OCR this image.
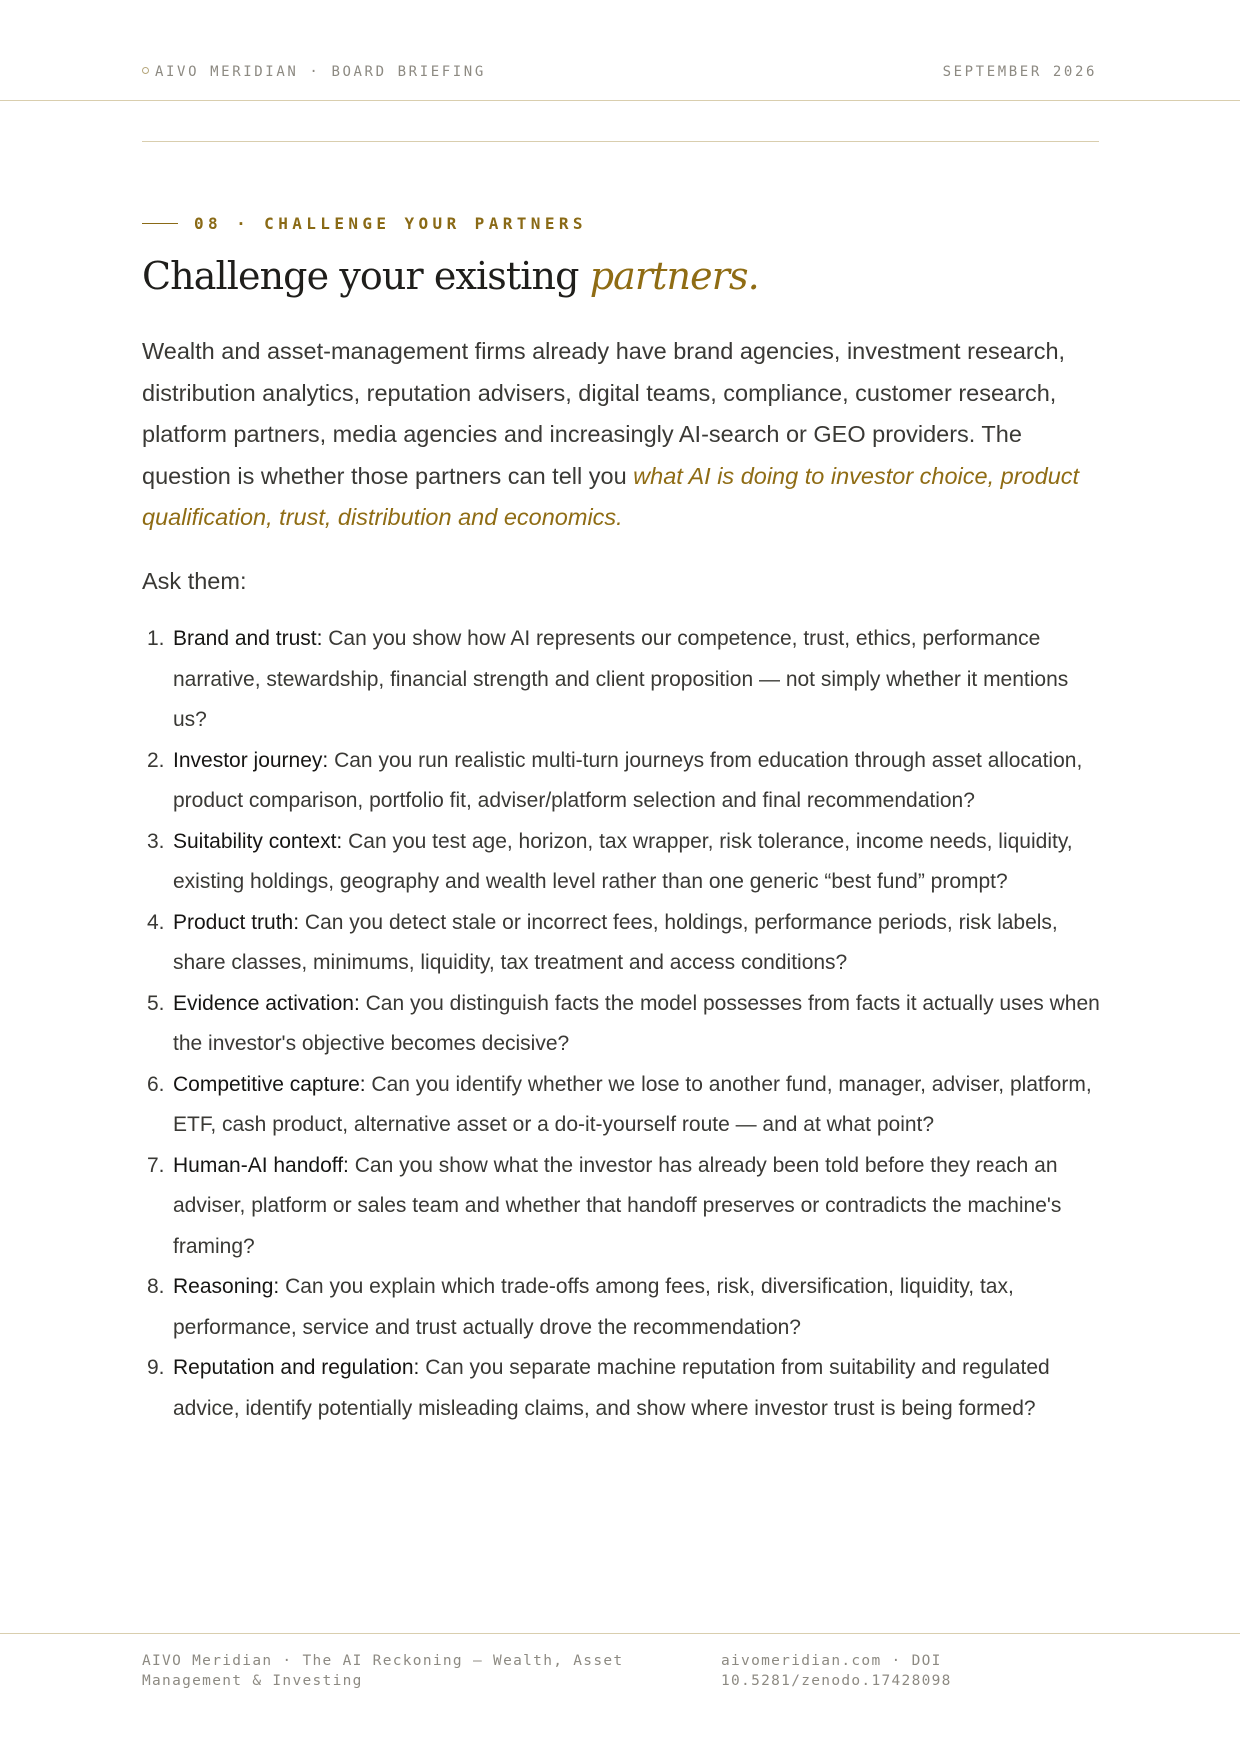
AIVO MERIDIAN · BOARD BRIEFING	SEPTEMBER 2026
08 · CHALLENGE YOUR PARTNERS
Challenge your existing partners.

Wealth and asset-management firms already have brand agencies, investment research, distribution analytics, reputation advisers, digital teams, compliance, customer research, platform partners, media agencies and increasingly AI-search or GEO providers. The question is whether those partners can tell you what AI is doing to investor choice, product qualification, trust, distribution and economics.

Ask them:

1. Brand and trust: Can you show how AI represents our competence, trust, ethics, performance narrative, stewardship, financial strength and client proposition — not simply whether it mentions us?
2. Investor journey: Can you run realistic multi-turn journeys from education through asset allocation, product comparison, portfolio fit, adviser/platform selection and final recommendation?
3. Suitability context: Can you test age, horizon, tax wrapper, risk tolerance, income needs, liquidity, existing holdings, geography and wealth level rather than one generic “best fund” prompt?
4. Product truth: Can you detect stale or incorrect fees, holdings, performance periods, risk labels, share classes, minimums, liquidity, tax treatment and access conditions?
5. Evidence activation: Can you distinguish facts the model possesses from facts it actually uses when the investor's objective becomes decisive?
6. Competitive capture: Can you identify whether we lose to another fund, manager, adviser, platform, ETF, cash product, alternative asset or a do-it-yourself route — and at what point?
7. Human-AI handoff: Can you show what the investor has already been told before they reach an adviser, platform or sales team and whether that handoff preserves or contradicts the machine's framing?
8. Reasoning: Can you explain which trade-offs among fees, risk, diversification, liquidity, tax, performance, service and trust actually drove the recommendation?
9. Reputation and regulation: Can you separate machine reputation from suitability and regulated advice, identify potentially misleading claims, and show where investor trust is being formed?
AIVO Meridian · The AI Reckoning — Wealth, Asset Management & Investing
aivomeridian.com · DOI 10.5281/zenodo.17428098
